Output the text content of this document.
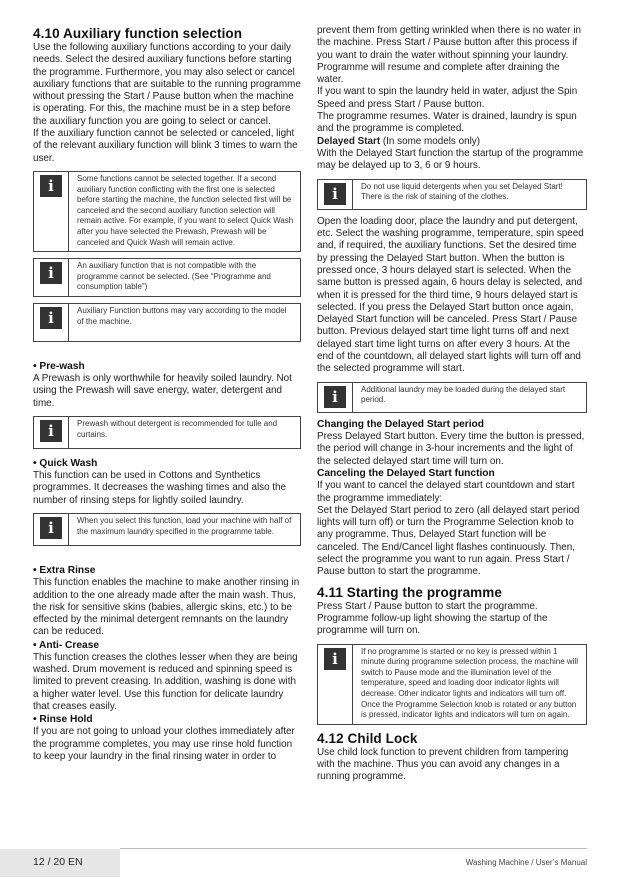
4.10 Auxiliary function selection

Use the following auxiliary functions according to your daily needs. Select the desired auxiliary functions before starting the programme. Furthermore, you may also select or cancel auxiliary functions that are suitable to the running programme without pressing the Start / Pause button when the machine is operating. For this, the machine must be in a step before the auxiliary function you are going to select or cancel.

If the auxiliary function cannot be selected or canceled, light of the relevant auxiliary function will blink 3 times to warn the user.

i	Some functions cannot be selected together. If a second auxiliary function conflicting with the first one is selected before starting the machine, the function selected first will be canceled and the second auxiliary function selection will remain active. For example, if you want to select Quick Wash after you have selected the Prewash, Prewash will be canceled and Quick Wash will remain active.
i	An auxiliary function that is not compatible with the programme cannot be selected. (See “Programme and consumption table”)
i	Auxiliary Function buttons may vary according to the model of the machine.
• Pre-wash

A Prewash is only worthwhile for heavily soiled laundry. Not using the Prewash will save energy, water, detergent and time.

i	Prewash without detergent is recommended for tulle and curtains.
• Quick Wash

This function can be used in Cottons and Synthetics programmes. It decreases the washing times and also the number of rinsing steps for lightly soiled laundry.

i	When you select this function, load your machine with half of the maximum laundry specified in the programme table.
• Extra Rinse

This function enables the machine to make another rinsing in addition to the one already made after the main wash. Thus, the risk for sensitive skins (babies, allergic skins, etc.) to be effected by the minimal detergent remnants on the laundry can be reduced.

• Anti- Crease

This function creases the clothes lesser when they are being washed. Drum movement is reduced and spinning speed is limited to prevent creasing. In addition, washing is done with a higher water level. Use this function for delicate laundry that creases easily.

• Rinse Hold

If you are not going to unload your clothes immediately after the programme completes, you may use rinse hold function to keep your laundry in the final rinsing water in order to

prevent them from getting wrinkled when there is no water in the machine. Press Start / Pause button after this process if you want to drain the water without spinning your laundry. Programme will resume and complete after draining the water.

If you want to spin the laundry held in water, adjust the Spin Speed and press Start / Pause button.

The programme resumes. Water is drained, laundry is spun and the programme is completed.

Delayed Start (In some models only)

With the Delayed Start function the startup of the programme may be delayed up to 3, 6 or 9 hours.

i	Do not use liquid detergents when you set Delayed Start! There is the risk of staining of the clothes.

Open the loading door, place the laundry and put detergent, etc. Select the washing programme, temperature, spin speed and, if required, the auxiliary functions. Set the desired time by pressing the Delayed Start button. When the button is pressed once, 3 hours delayed start is selected. When the same button is pressed again, 6 hours delay is selected, and when it is pressed for the third time, 9 hours delayed start is selected. If you press the Delayed Start button once again, Delayed Start function will be canceled. Press Start / Pause button. Previous delayed start time light turns off and next delayed start time light turns on after every 3 hours. At the end of the countdown, all delayed start lights will turn off and the selected programme will start.

i	Additional laundry may be loaded during the delayed start period.
Changing the Delayed Start period

Press Delayed Start button. Every time the button is pressed, the period will change in 3-hour increments and the light of the selected delayed start time will turn on.

Canceling the Delayed Start function

If you want to cancel the delayed start countdown and start the programme immediately:

Set the Delayed Start period to zero (all delayed start period lights will turn off) or turn the Programme Selection knob to any programme. Thus, Delayed Start function will be canceled. The End/Cancel light flashes continuously. Then, select the programme you want to run again. Press Start / Pause button to start the programme.

4.11 Starting the programme

Press Start / Pause button to start the programme.

Programme follow-up light showing the startup of the programme will turn on.

i	If no programme is started or no key is pressed within 1 minute during programme selection process, the machine will switch to Pause mode and the illumination level of the temperature, speed and loading door indicator lights will decrease. Other indicator lights and indicators will turn off. Once the Programme Selection knob is rotated or any button is pressed, indicator lights and indicators will turn on again.
4.12 Child Lock

Use child lock function to prevent children from tampering with the machine. Thus you can avoid any changes in a running programme.

12 / 20 EN	Washing Machine / User’s Manual
